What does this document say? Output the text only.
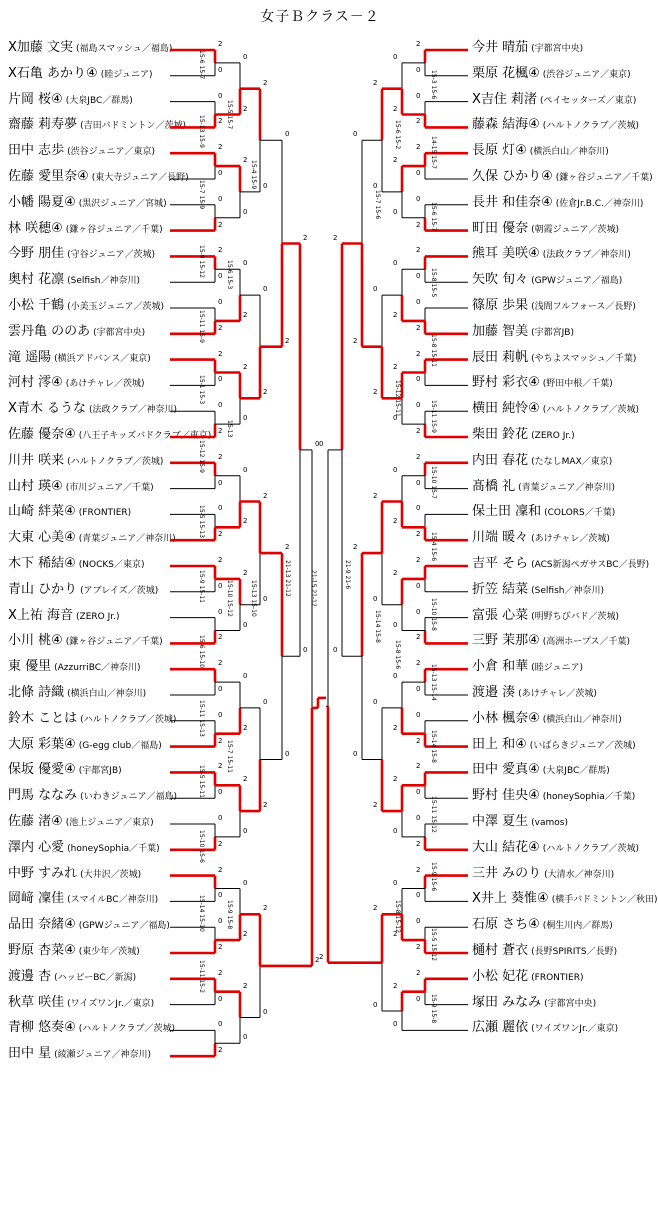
女子Ｂクラス－２
X加藤 文実 (福島スマッシュ／福島)
X石亀 あかり④ (睦ジュニア)
片岡 桜④ (大泉JBC／群馬)
齋藤 莉寿夢 (吉田バドミントン／茨城)
田中 志歩 (渋谷ジュニア／東京)
佐藤 愛里奈④ (東大寺ジュニア／長野)
小幡 陽夏④ (黒沢ジュニア／宮城)
林 咲穂④ (鎌ヶ谷ジュニア／千葉)
今野 朋佳 (守谷ジュニア／茨城)
奥村 花凛 (Selfish／神奈川)
小松 千鶴 (小美玉ジュニア／茨城)
雲丹亀 ののあ (宇都宮中央)
滝 遥陽 (横浜アドバンス／東京)
河村 澪④ (あけチャレ／茨城)
X青木 るうな (法政クラブ／神奈川)
佐藤 優奈④ (八王子キッズバドクラブ／東京)
川井 咲来 (ハルトノクラブ／茨城)
山村 瑛④ (市川ジュニア／千葉)
山崎 絆菜④ (FRONTIER)
大東 心美④ (青葉ジュニア／神奈川)
木下 稀結④ (NOCKS／東京)
青山 ひかり (アブレイズ／茨城)
X上祐 海音 (ZERO Jr.)
小川 桃④ (鎌ヶ谷ジュニア／千葉)
東 優里 (AzzurriBC／神奈川)
北條 詩織 (横浜白山／神奈川)
鈴木 ことは (ハルトノクラブ／茨城)
大原 彩葉④ (G-egg club／福島)
保坂 優愛④ (宇都宮JB)
門馬 ななみ (いわきジュニア／福島)
佐藤 渚④ (池上ジュニア／東京)
澤内 心愛 (honeySophia／千葉)
中野 すみれ (大井沢／茨城)
岡﨑 凜佳 (スマイルBC／神奈川)
品田 奈緒④ (GPWジュニア／福島)
野原 杏菜④ (東少年／茨城)
渡邊 杏 (ハッピーBC／新潟)
秋草 咲佳 (ワイズワンJr.／東京)
青柳 悠奏④ (ハルトノクラブ／茨城)
田中 星 (綾瀬ジュニア／神奈川)
今井 晴茄 (宇都宮中央)
栗原 花楓④ (渋谷ジュニア／東京)
X吉住 莉渚 (ペイセッターズ／東京)
藤森 結海④ (ハルトノクラブ／茨城)
長原 灯④ (横浜白山／神奈川)
久保 ひかり④ (鎌ヶ谷ジュニア／千葉)
長井 和佳奈④ (佐倉Jr.B.C.／神奈川)
町田 優奈 (朝霞ジュニア／茨城)
熊耳 美咲④ (法政クラブ／神奈川)
矢吹 旬々 (GPWジュニア／福島)
篠原 歩果 (浅間フルフォース／長野)
加藤 智美 (宇都宮JB)
辰田 莉帆 (やちよスマッシュ／千葉)
野村 彩衣④ (野田中根／千葉)
横田 純怜④ (ハルトノクラブ／茨城)
柴田 鈴花 (ZERO Jr.)
内田 春花 (たなしMAX／東京)
髙橋 礼 (青葉ジュニア／神奈川)
保土田 凜和 (COLORS／千葉)
川端 暖々 (あけチャレ／茨城)
吉平 そら (ACS新潟ペガサスBC／長野)
折笠 結菜 (Selfish／神奈川)
富張 心菜 (明野ちびバド／茨城)
三野 茉那④ (高洲ホープス／千葉)
小倉 和華 (睦ジュニア)
渡邉 湊 (あけチャレ／茨城)
小林 楓奈④ (横浜白山／神奈川)
田上 和④ (いばらきジュニア／茨城)
田中 愛真④ (大泉JBC／群馬)
野村 佳央④ (honeySophia／千葉)
中澤 夏生 (vamos)
大山 結花④ (ハルトノクラブ／茨城)
三井 みのり (大清水／神奈川)
X井上 葵惟④ (横手バドミントン／秋田)
石原 さち④ (桐生川内／群馬)
樋村 蒼衣 (長野SPIRITS／長野)
小松 妃花 (FRONTIER)
塚田 みなみ (宇都宮中央)
広瀬 麗依 (ワイズワンJr.／東京)
2
0
0
2
2
0
0
2
2
0
0
2
2
0
0
2
2
0
0
2
2
0
0
2
2
0
0
2
2
0
0
2
2
0
0
2
2
0
0
2
0
2
2
0
0
2
2
0
0
2
2
0
0
2
2
0
0
2
2
0
2
0
0
2
2
0
0
2
2
0
0
2
2
0
2
0
0
2
2
0
0
2
2
0
0
2
2
0
0
2
2
0
0
2
2
0
0
2
2
0
0
2
2
0
0
2
2
0
0
2
2
0
0
2
2
0
0
2
2
0
0
2
2
0
0
2
2
0
0
2
2
0
0
2
2
0
2
0
0
2
2
0
0
2
2
0
0
2
2
0
2
0
0
2
15-6 15-7
15-13 15-9
15-7 15-9
15-9 15-12
15-11 15-9
15-1 15-3
15-12 15-9
15-5 15-13
15-9 15-11
15-6 15-10
15-11 15-13
15-5 15-11
15-10 15-6
15-14 15-10
15-11 15-2
15-5 15-7
15-6 15-3
15-13
15-10 15-12
15-7 15-11
15-9 15-8
15-4 15-9
15-13 15-10
21-13 21-12	21-15 21-12	21-9 21-6
15-7 15-6
15-14 15-8
15-6 15-2
15-12 15-11
15-8 15-6
15-8 15-12
15-3 15-6
14-15 15-7
15-6 15-7
15-8 15-5
15-8 15-11
15-11 15-9
15-10 15-7
15-4 15-6
15-10 15-8
15-13 15-14
15-14 15-8
15-11 15-12
15-9 15-6
15-5 15-12
15-9 15-8
